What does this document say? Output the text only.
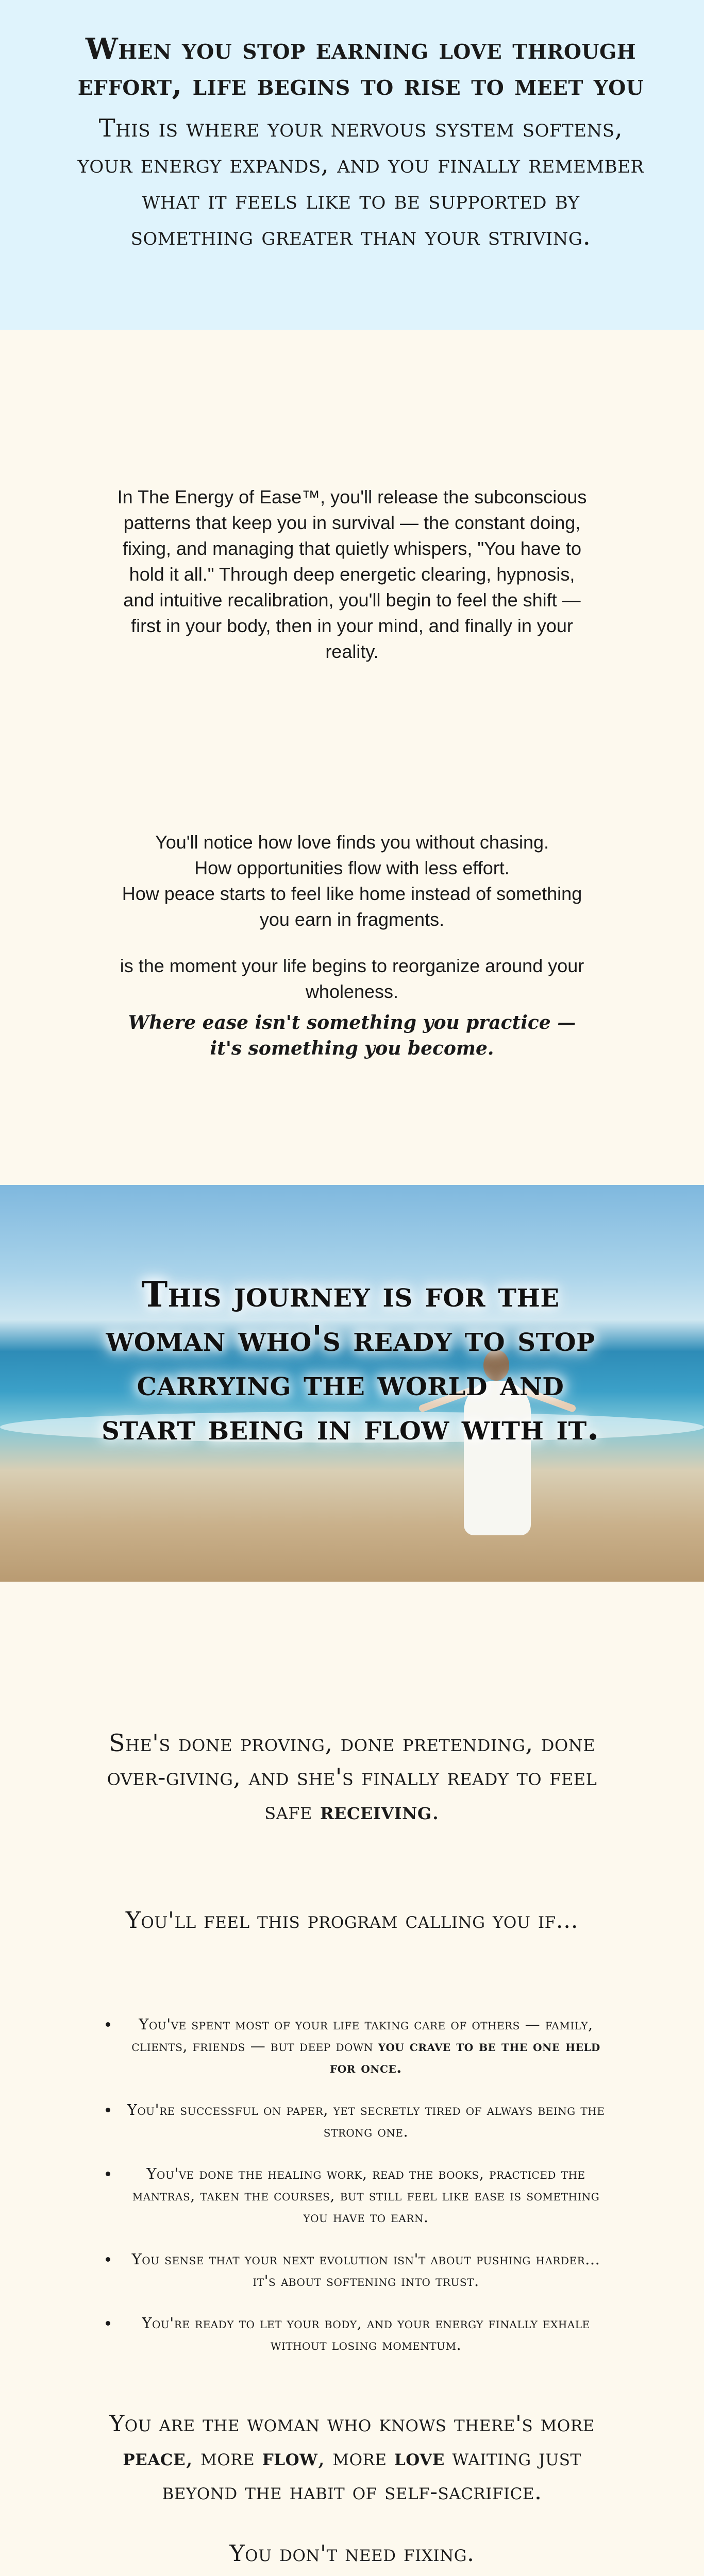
When you stop earning love through effort, life begins to rise to meet you

This is where your nervous system softens, your energy expands, and you finally remember what it feels like to be supported by something greater than your striving.

In The Energy of Ease™, you'll release the subconscious patterns that keep you in survival — the constant doing, fixing, and managing that quietly whispers, "You have to hold it all." Through deep energetic clearing, hypnosis, and intuitive recalibration, you'll begin to feel the shift — first in your body, then in your mind, and finally in your reality.

You'll notice how love finds you without chasing.

How opportunities flow with less effort.

How peace starts to feel like home instead of something you earn in fragments.

is the moment your life begins to reorganize around your wholeness.

Where ease isn't something you practice — it's something you become.

This journey is for the woman who's ready to stop carrying the world and start being in flow with it.

She's done proving, done pretending, done over-giving, and she's finally ready to feel safe receiving.

You'll feel this program calling you if...

• You've spent most of your life taking care of others — family, clients, friends — but deep down you crave to be the one held for once.
• You're successful on paper, yet secretly tired of always being the strong one.
• You've done the healing work, read the books, practiced the mantras, taken the courses, but still feel like ease is something you have to earn.
• You sense that your next evolution isn't about pushing harder... it's about softening into trust.
• You're ready to let your body, and your energy finally exhale without losing momentum.

You are the woman who knows there's more peace, more flow, more love waiting just beyond the habit of self-sacrifice.

You don't need fixing.
